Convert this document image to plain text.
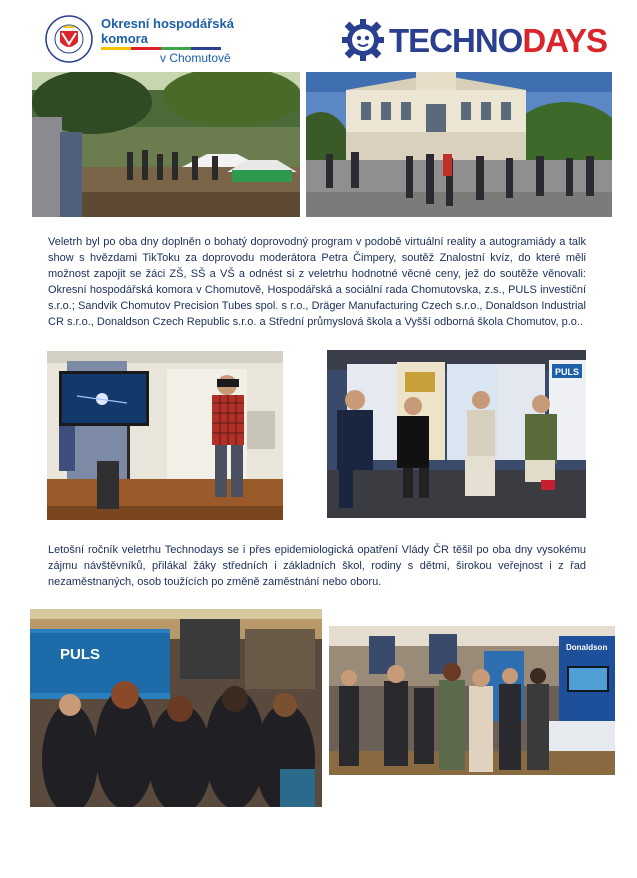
Okresní hospodářská
komora
v Chomutově	TECHNODAYS
Veletrh byl po oba dny doplněn o bohatý doprovodný program v podobě virtuální reality a autogramiády a talk show s hvězdami TikToku za doprovodu moderátora Petra Čimpery, soutěž Znalostní kvíz, do které měli možnost zapojit se žáci ZŠ, SŠ a VŠ a odnést si z veletrhu hodnotné věcné ceny, jež do soutěže věnovali: Okresní hospodářská komora v Chomutově, Hospodářská a sociální rada Chomutovska, z.s., PULS investiční s.r.o.; Sandvik Chomutov Precision Tubes spol. s r.o., Dräger Manufacturing Czech s.r.o., Donaldson Industrial CR s.r.o., Donaldson Czech Republic s.r.o. a Střední průmyslová škola a Vyšší odborná škola Chomutov, p.o..
PULS
Letošní ročník veletrhu Technodays se i přes epidemiologická opatření Vlády ČR těšil po oba dny vysokému zájmu návštěvníků, přilákal žáky středních i základních škol, rodiny s dětmi, širokou veřejnost i z řad nezaměstnaných, osob toužících po změně zaměstnání nebo oboru.
PULS	Donaldson
